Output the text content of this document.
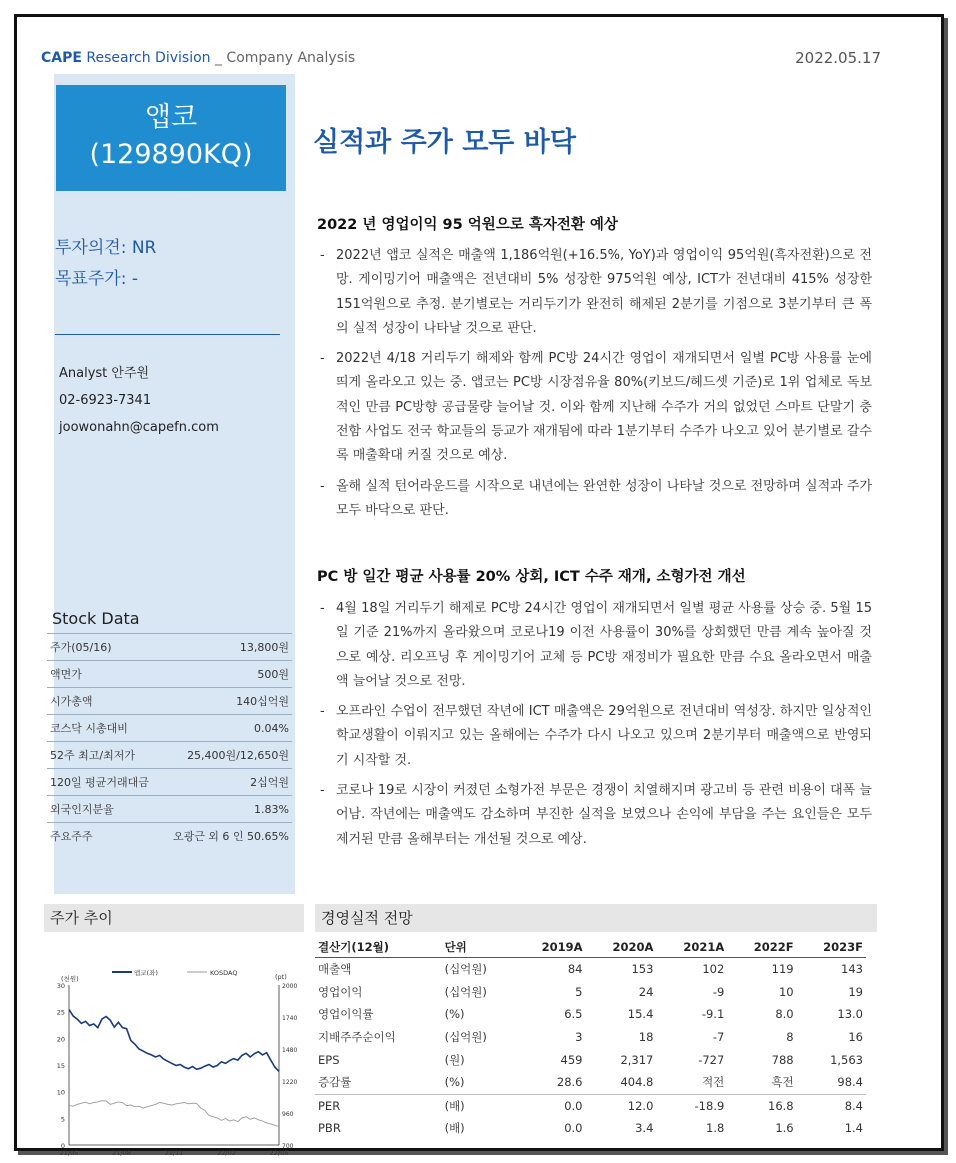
CAPE Research Division _ Company Analysis	2022.05.17
앱코
(129890KQ)
투자의견: NR
목표주가: -
Analyst 안주원
02-6923-7341
joowonahn@capefn.com
Stock Data
주가(05/16)	13,800원
액면가	500원
시가총액	140십억원
코스닥 시총대비	0.04%
52주 최고/최저가	25,400원/12,650원
120일 평균거래대금	2십억원
외국인지분율	1.83%
주요주주	오광근 외 6 인 50.65%
실적과 주가 모두 바닥
2022 년 영업이익 95 억원으로 흑자전환 예상
- 2022년 앱코 실적은 매출액 1,186억원(+16.5%, YoY)과 영업이익 95억원(흑자전환)으로 전망. 게이밍기어 매출액은 전년대비 5% 성장한 975억원 예상, ICT가 전년대비 415% 성장한 151억원으로 추정. 분기별로는 거리두기가 완전히 해제된 2분기를 기점으로 3분기부터 큰 폭의 실적 성장이 나타날 것으로 판단.
- 2022년 4/18 거리두기 해제와 함께 PC방 24시간 영업이 재개되면서 일별 PC방 사용률 눈에 띄게 올라오고 있는 중. 앱코는 PC방 시장점유율 80%(키보드/헤드셋 기준)로 1위 업체로 독보적인 만큼 PC방향 공급물량 늘어날 것. 이와 함께 지난해 수주가 거의 없었던 스마트 단말기 충전함 사업도 전국 학교들의 등교가 재개됨에 따라 1분기부터 수주가 나오고 있어 분기별로 갈수록 매출확대 커질 것으로 예상.
- 올해 실적 턴어라운드를 시작으로 내년에는 완연한 성장이 나타날 것으로 전망하며 실적과 주가 모두 바닥으로 판단.
PC 방 일간 평균 사용률 20% 상회, ICT 수주 재개, 소형가전 개선
- 4월 18일 거리두기 해제로 PC방 24시간 영업이 재개되면서 일별 평균 사용률 상승 중. 5월 15일 기준 21%까지 올라왔으며 코로나19 이전 사용률이 30%를 상회했던 만큼 계속 높아질 것으로 예상. 리오프닝 후 게이밍기어 교체 등 PC방 재정비가 필요한 만큼 수요 올라오면서 매출액 늘어날 것으로 전망.
- 오프라인 수업이 전무했던 작년에 ICT 매출액은 29억원으로 전년대비 역성장. 하지만 일상적인 학교생활이 이뤄지고 있는 올해에는 수주가 다시 나오고 있으며 2분기부터 매출액으로 반영되기 시작할 것.
- 코로나 19로 시장이 커졌던 소형가전 부문은 경쟁이 치열해지며 광고비 등 관련 비용이 대폭 늘어남. 작년에는 매출액도 감소하며 부진한 실적을 보였으나 손익에 부담을 주는 요인들은 모두 제거된 만큼 올해부터는 개선될 것으로 예상.
주가 추이
0
5
10
15
20
25
30
700
960
1220
1480
1740
2000
21/05	21/08	21/11	22/02	22/05
(천원)	(pt)
앱코(좌)	KOSDAQ
경영실적 전망
결산기(12월)	단위	2019A	2020A	2021A	2022F	2023F
매출액	(십억원)	84	153	102	119	143
영업이익	(십억원)	5	24	-9	10	19
영업이익률	(%)	6.5	15.4	-9.1	8.0	13.0
지배주주순이익	(십억원)	3	18	-7	8	16
EPS	(원)	459	2,317	-727	788	1,563
증감률	(%)	28.6	404.8	적전	흑전	98.4
PER	(배)	0.0	12.0	-18.9	16.8	8.4
PBR	(배)	0.0	3.4	1.8	1.6	1.4
